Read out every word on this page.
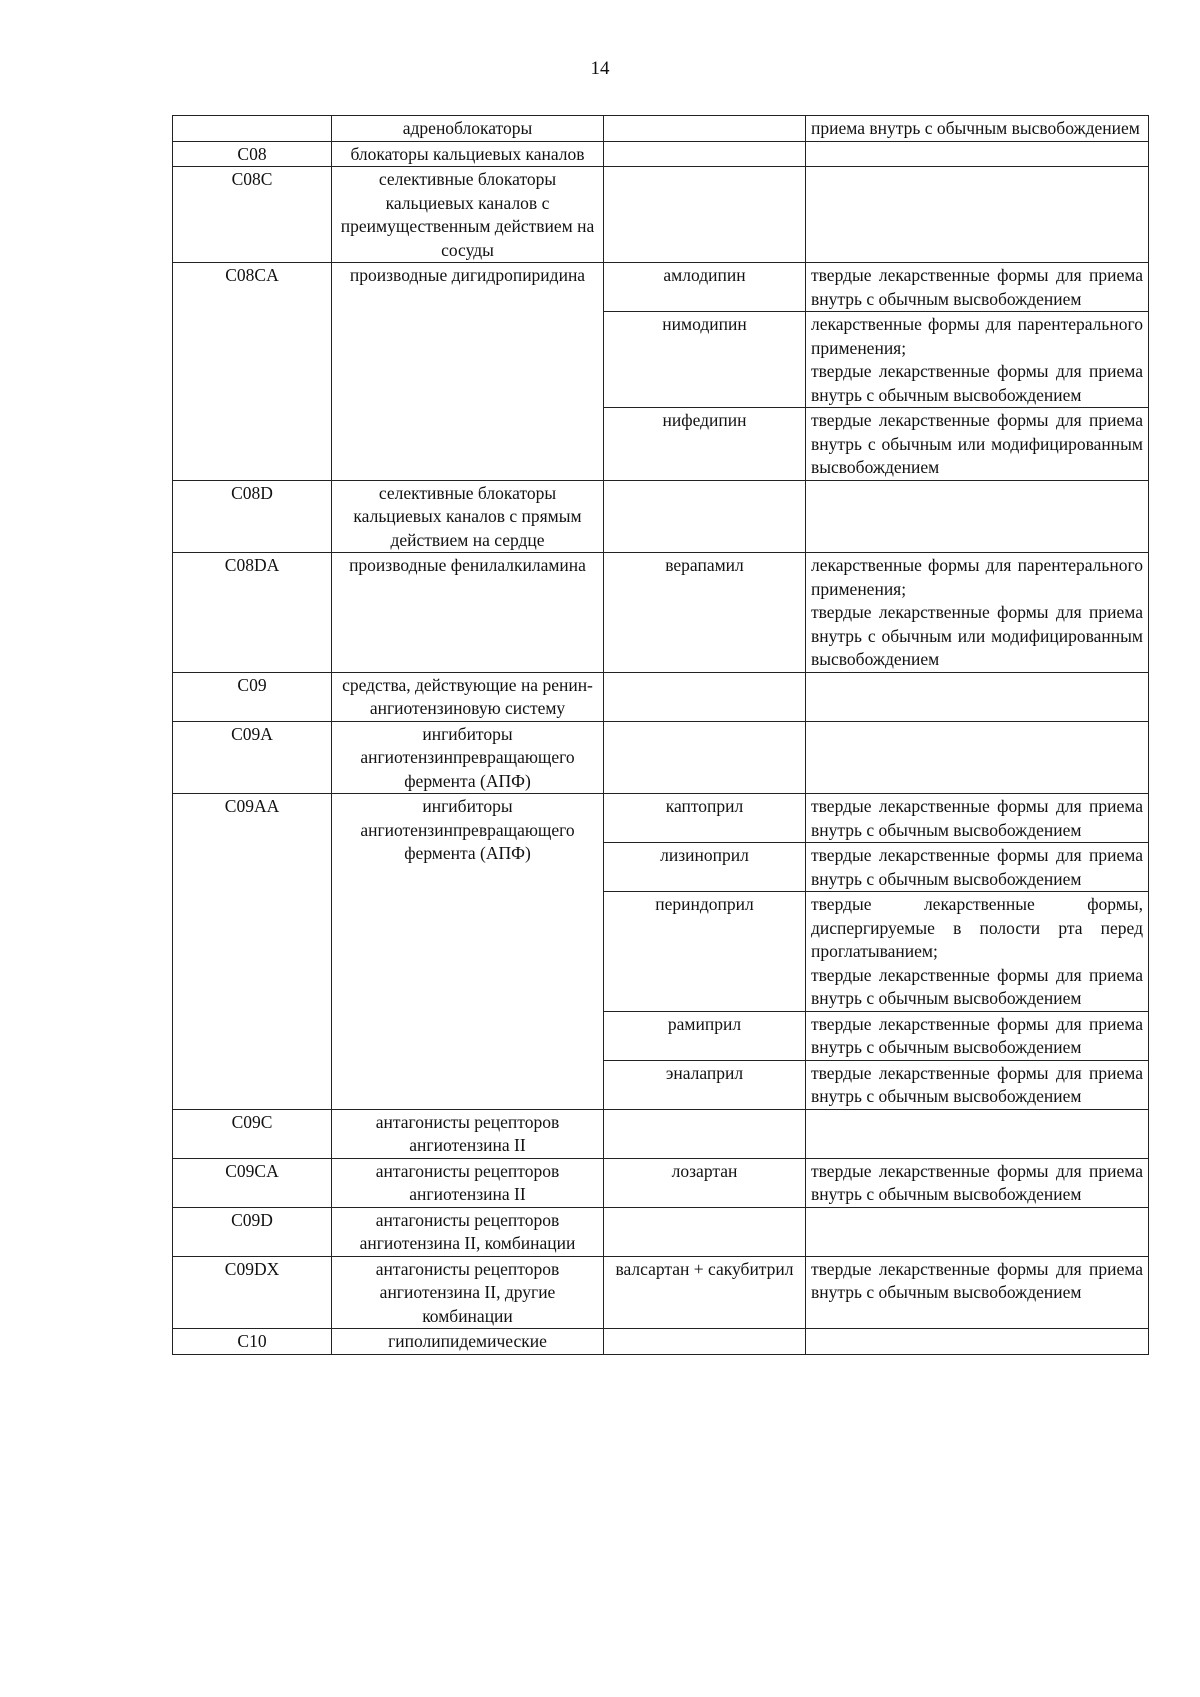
14
	адреноблокаторы		приема внутрь с обычным высвобождением

C08	блокаторы кальциевых каналов		
C08C	селективные блокаторы кальциевых каналов с преимущественным действием на сосуды		
C08CA	производные дигидропиридина	амлодипин	твердые лекарственные формы для приема внутрь с обычным высвобождением

		нимодипин	лекарственные формы для парентерального применения;
твердые лекарственные формы для приема внутрь с обычным высвобождением

		нифедипин	твердые лекарственные формы для приема внутрь с обычным или модифицированным высвобождением

C08D	селективные блокаторы кальциевых каналов с прямым действием на сердце		
C08DA	производные фенилалкиламина	верапамил	лекарственные формы для парентерального применения;
твердые лекарственные формы для приема внутрь с обычным или модифицированным высвобождением

C09	средства, действующие на ренин-ангиотензиновую систему		
C09A	ингибиторы ангиотензинпревращающего фермента (АПФ)		
C09AA	ингибиторы ангиотензинпревращающего фермента (АПФ)	каптоприл	твердые лекарственные формы для приема внутрь с обычным высвобождением

		лизиноприл	твердые лекарственные формы для приема внутрь с обычным высвобождением

		периндоприл	твердые лекарственные формы, диспергируемые в полости рта перед проглатыванием;
твердые лекарственные формы для приема внутрь с обычным высвобождением

		рамиприл	твердые лекарственные формы для приема внутрь с обычным высвобождением

		эналаприл	твердые лекарственные формы для приема внутрь с обычным высвобождением

C09C	антагонисты рецепторов ангиотензина II		
C09CA	антагонисты рецепторов ангиотензина II	лозартан	твердые лекарственные формы для приема внутрь с обычным высвобождением

C09D	антагонисты рецепторов ангиотензина II, комбинации		
C09DX	антагонисты рецепторов ангиотензина II, другие комбинации	валсартан + сакубитрил	твердые лекарственные формы для приема внутрь с обычным высвобождением

C10	гиполипидемические		
